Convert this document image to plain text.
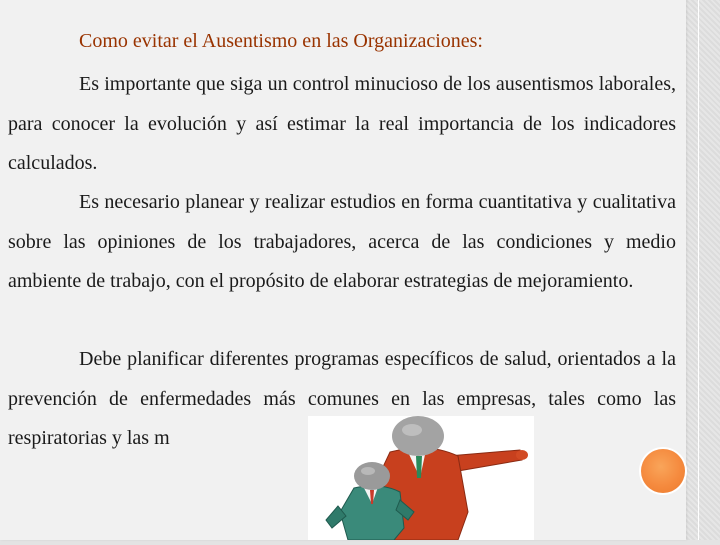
Como evitar el Ausentismo en las Organizaciones:

Es importante que siga un control minucioso de los ausentismos laborales, para conocer la evolución y así estimar la real importancia de los indicadores calculados.

Es necesario planear y realizar estudios en forma cuantitativa y cualitativa sobre las opiniones de los trabajadores, acerca de las condiciones y medio ambiente de trabajo, con el propósito de elaborar estrategias de mejoramiento.

Debe planificar diferentes programas específicos de salud, orientados a la prevención de enfermedades más comunes en las empresas, tales como las respiratorias y las m
